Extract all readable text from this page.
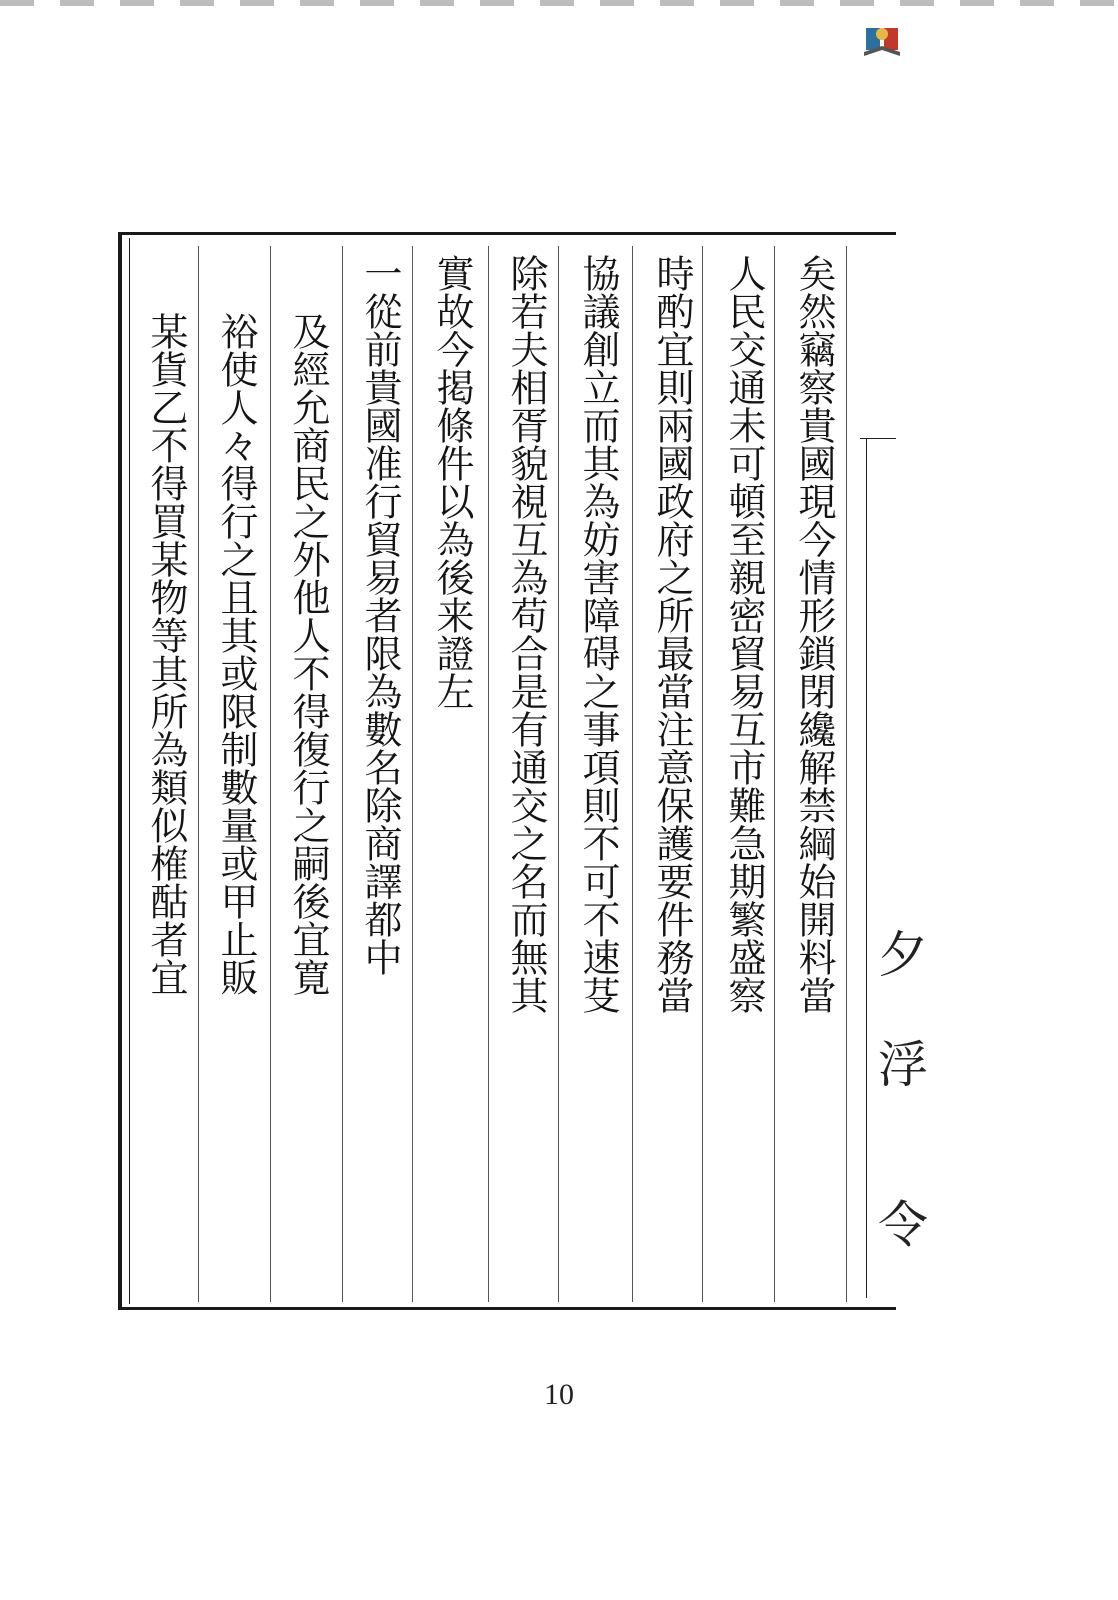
夕
浮
令
矣然竊察貴國現今情形鎖閉纔解禁綱始開料當
人民交通未可頓至親密貿易互市難急期繁盛察
時酌宜則兩國政府之所最當注意保護要件務當
協議創立而其為妨害障碍之事項則不可不速芟
除若夫相胥貌視互為苟合是有通交之名而無其
實故今掲條件以為後来證左
一從前貴國准行貿易者限為數名除商譯都中
及經允商民之外他人不得復行之嗣後宜寛
裕使人々得行之且其或限制數量或甲止販
某貨乙不得買某物等其所為類似榷酤者宜
10
